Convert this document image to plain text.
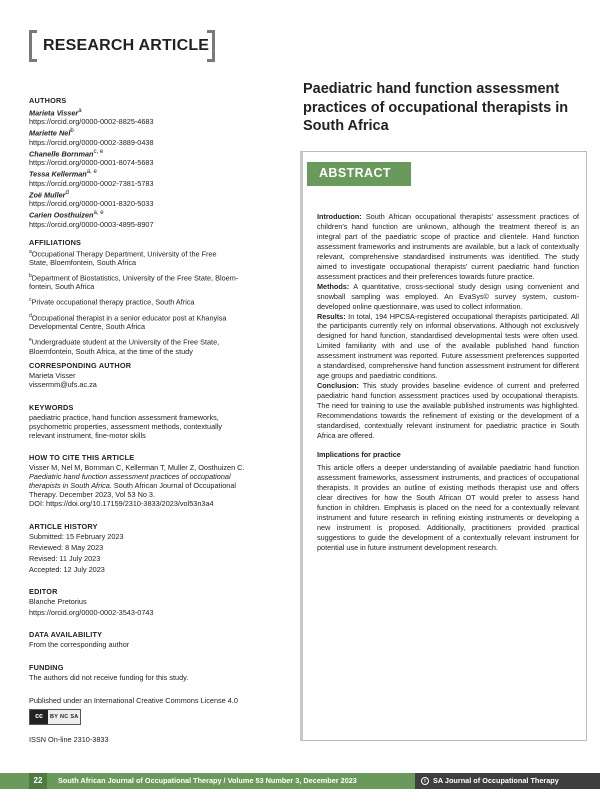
RESEARCH ARTICLE
AUTHORS
Marieta Visser$^a$
https://orcid.org/0000-0002-8825-4683
Mariette Nel$^b$
https://orcid.org/0000-0002-3889-0438
Chanelle Bornman$^{c, e}$
https://orcid.org/0000-0001-8074-5683
Tessa Kellerman$^{a, e}$
https://orcid.org/0000-0002-7381-5783
Zoë Muller$^d$
https://orcid.org/0000-0001-8320-5033
Carien Oosthuizen$^{a, e}$
https://orcid.org/0000-0003-4895-8907
AFFILIATIONS
$^a$Occupational Therapy Department, University of the Free
State, Bloemfontein, South Africa
$^b$Department of Biostatistics, University of the Free State, Bloem-
fontein, South Africa
$^c$Private occupational therapy practice, South Africa
$^d$Occupational therapist in a senior educator post at Khanyisa
Developmental Centre, South Africa
$^e$Undergraduate student at the University of the Free State,
Bloemfontein, South Africa, at the time of the study
CORRESPONDING AUTHOR
Marieta Visser
vissermm@ufs.ac.za
KEYWORDS
paediatric practice, hand function assessment frameworks,
psychometric properties, assessment methods, contextually
relevant instrument, fine-motor skills
HOW TO CITE THIS ARTICLE
Visser M, Nel M, Bornman C, Kellerman T, Muller Z, Oosthuizen C.
Paediatric hand function assessment practices of occupational
therapists in South Africa. South African Journal of Occupational
Therapy. December 2023, Vol 53 No 3.
DOI: https://doi.org/10.17159/2310-3833/2023/vol53n3a4
ARTICLE HISTORY
Submitted: 15 February 2023
Reviewed: 8 May 2023
Revised: 11 July 2023
Accepted: 12 July 2023
EDITOR
Blanche Pretorius
https://orcid.org/0000-0002-3543-0743
DATA AVAILABILITY
From the corresponding author
FUNDING
The authors did not receive funding for this study.
Published under an International Creative Commons License 4.0
cc	BY NC SA
ISSN On-line 2310-3833
Paediatric hand function assessment practices of occupational therapists in South Africa
ABSTRACT

Introduction: South African occupational therapists' assessment practices of children's hand function are unknown, although the treatment thereof is an integral part of the paediatric scope of practice and clientele. Hand function assessment frameworks and instruments are available, but a lack of contextually relevant, comprehensive standardised instruments was identified. The study aimed to investigate occupational therapists' current paediatric hand function assessment practices and their preferences towards future practice.

Methods: A quantitative, cross-sectional study design using convenient and snowball sampling was employed. An EvaSys© survey system, custom-developed online questionnaire, was used to collect information.

Results: In total, 194 HPCSA-registered occupational therapists participated. All the participants currently rely on informal observations. Although not exclusively designed for hand function, standardised developmental tests were often used. Limited familiarity with and use of the available published hand function assessment instrument was reported. Future assessment preferences supported a standardised, comprehensive hand function assessment instrument for different age groups and paediatric conditions.

Conclusion: This study provides baseline evidence of current and preferred paediatric hand function assessment practices used by occupational therapists. The need for training to use the available published instruments was highlighted. Recommendations towards the refinement of existing or the development of a standardised, contextually relevant instrument for paediatric practice in South Africa are offered.

Implications for practice

This article offers a deeper understanding of available paediatric hand function assessment frameworks, assessment instruments, and practices of occupational therapists. It provides an outline of existing methods therapist use and offers clear directives for how the South African OT would prefer to assess hand function in children. Emphasis is placed on the need for a contextually relevant instrument and future research in refining existing instruments or developing a new instrument is proposed. Additionally, practitioners provided practical suggestions to guide the development of a contextually relevant instrument for potential use in future instrument development research.

22	South African Journal of Occupational Therapy / Volume 53 Number 3, December 2023	c SA Journal of Occupational Therapy
